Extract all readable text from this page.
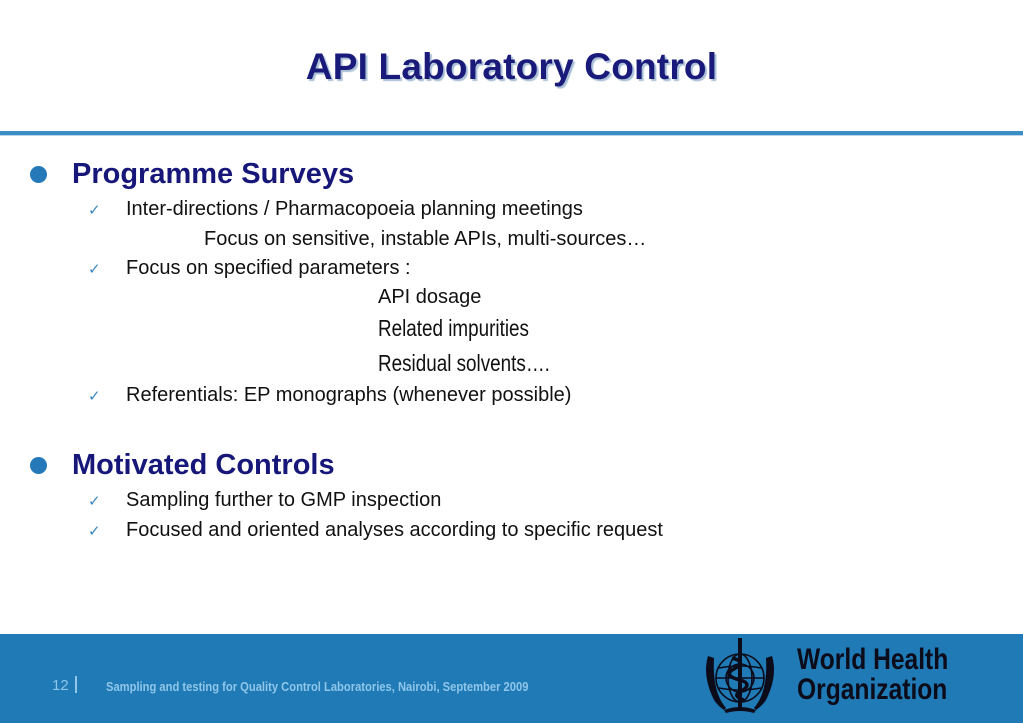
API Laboratory Control
Programme Surveys
✓	Inter-directions / Pharmacopoeia planning meetings
Focus on sensitive, instable APIs, multi-sources…
✓	Focus on specified parameters :
API dosage
Related impurities
Residual solvents….
✓	Referentials: EP monographs (whenever possible)
Motivated Controls
✓	Sampling further to GMP inspection
✓	Focused and oriented analyses according to specific request
12	Sampling and testing for Quality Control Laboratories, Nairobi, September 2009
World Health
Organization
